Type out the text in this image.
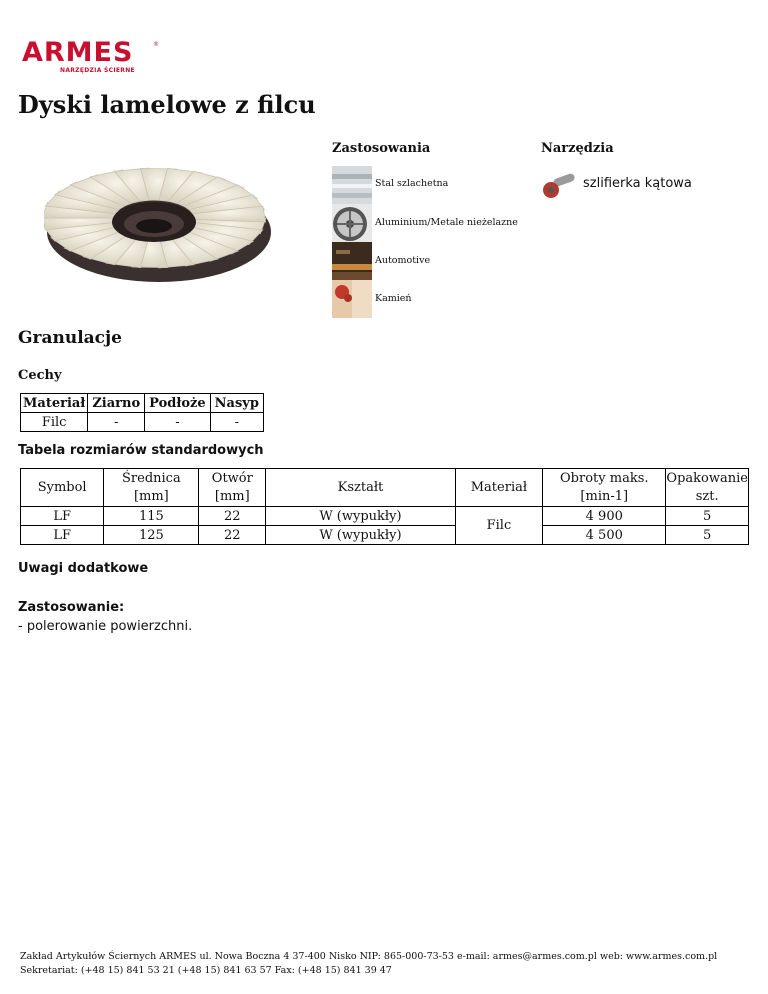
ARMES	®
NARZĘDZIA ŚCIERNE
Dyski lamelowe z filcu
Zastosowania	Narzędzia
Stal szlachetna
Aluminium/Metale nieżelazne
Automotive
Kamień
szlifierka kątowa
Granulacje
Cechy
Materiał	Ziarno	Podłoże	Nasyp
Filc	-	-	-
Tabela rozmiarów standardowych
Symbol	Średnica	Otwór	Kształt	Materiał	Obroty maks.	Opakowanie
	[mm]	[mm]			[min-1]	szt.
LF	115	22	W (wypukły)	Filc	4 900	5
LF	125	22	W (wypukły)		4 500	5
Uwagi dodatkowe
Zastosowanie:
- polerowanie powierzchni.
Zakład Artykułów Ściernych ARMES ul. Nowa Boczna 4 37-400 Nisko NIP: 865-000-73-53 e-mail: armes@armes.com.pl web: www.armes.com.pl
Sekretariat: (+48 15) 841 53 21 (+48 15) 841 63 57 Fax: (+48 15) 841 39 47
